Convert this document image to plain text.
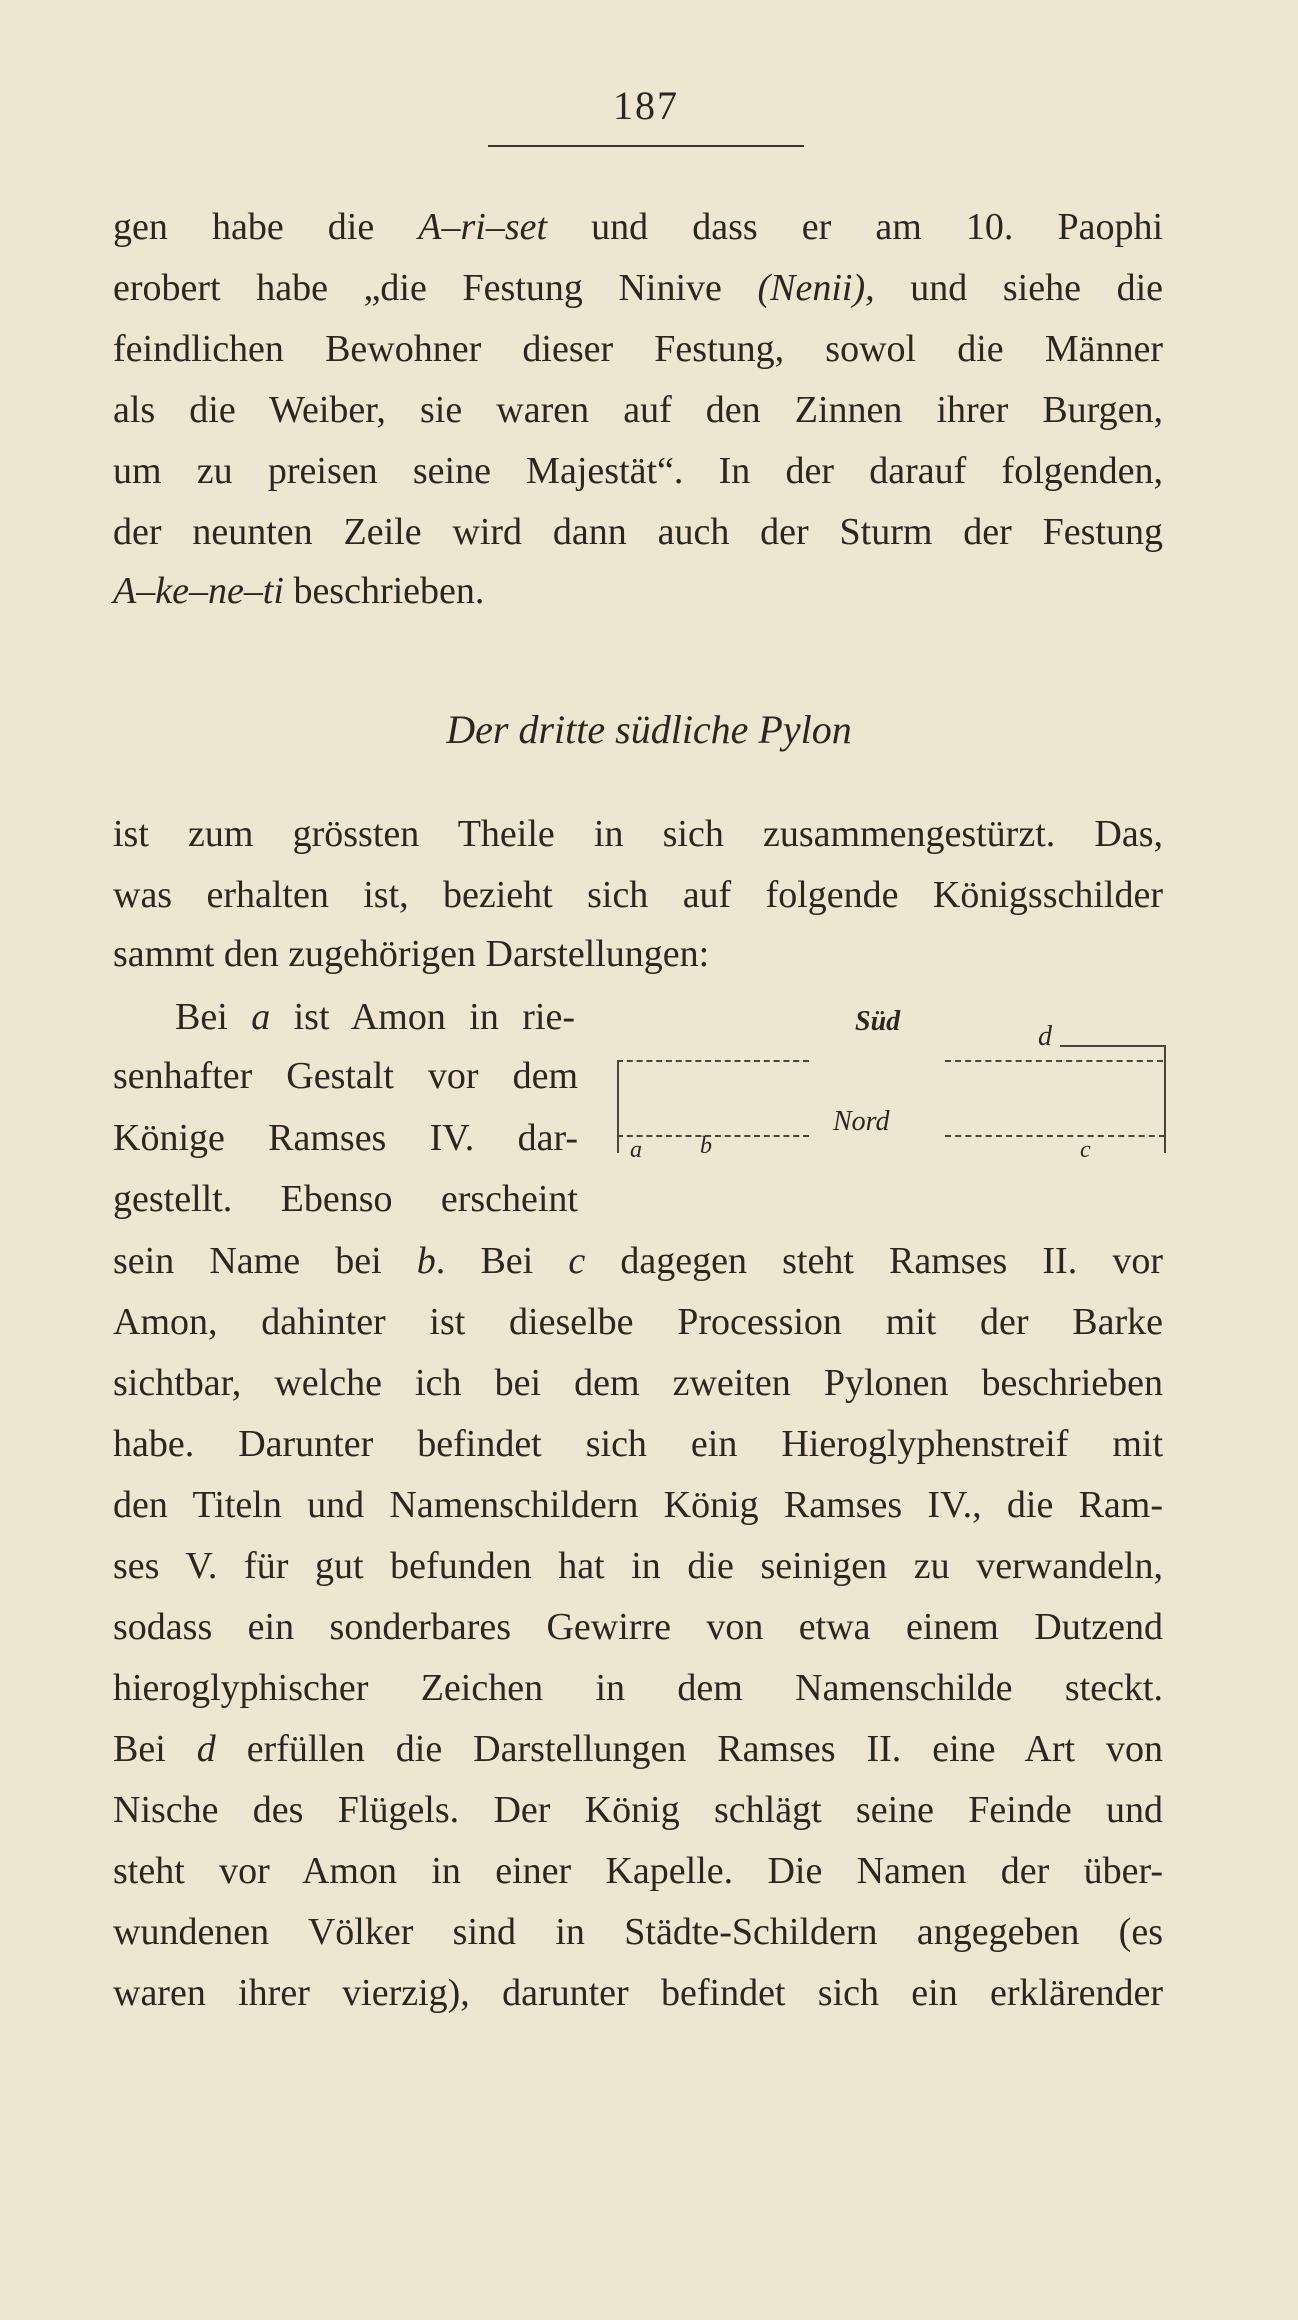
187
gen habe die A–ri–set und dass er am 10. Paophi
erobert habe „die Festung Ninive (Nenii), und siehe die
feindlichen Bewohner dieser Festung, sowol die Männer
als die Weiber, sie waren auf den Zinnen ihrer Burgen,
um zu preisen seine Majestät“. In der darauf folgenden,
der neunten Zeile wird dann auch der Sturm der Festung
A–ke–ne–ti beschrieben.
Der dritte südliche Pylon
ist zum grössten Theile in sich zusammengestürzt. Das,
was erhalten ist, bezieht sich auf folgende Königsschilder
sammt den zugehörigen Darstellungen:
Bei a ist Amon in rie-
senhafter Gestalt vor dem
Könige Ramses IV. dar-
gestellt. Ebenso erscheint
Süd	d
a b	c
Nord
sein Name bei b. Bei c dagegen steht Ramses II. vor
Amon, dahinter ist dieselbe Procession mit der Barke
sichtbar, welche ich bei dem zweiten Pylonen beschrieben
habe. Darunter befindet sich ein Hieroglyphenstreif mit
den Titeln und Namenschildern König Ramses IV., die Ram-
ses V. für gut befunden hat in die seinigen zu verwandeln,
sodass ein sonderbares Gewirre von etwa einem Dutzend
hieroglyphischer Zeichen in dem Namenschilde steckt.
Bei d erfüllen die Darstellungen Ramses II. eine Art von
Nische des Flügels. Der König schlägt seine Feinde und
steht vor Amon in einer Kapelle. Die Namen der über-
wundenen Völker sind in Städte-Schildern angegeben (es
waren ihrer vierzig), darunter befindet sich ein erklärender
